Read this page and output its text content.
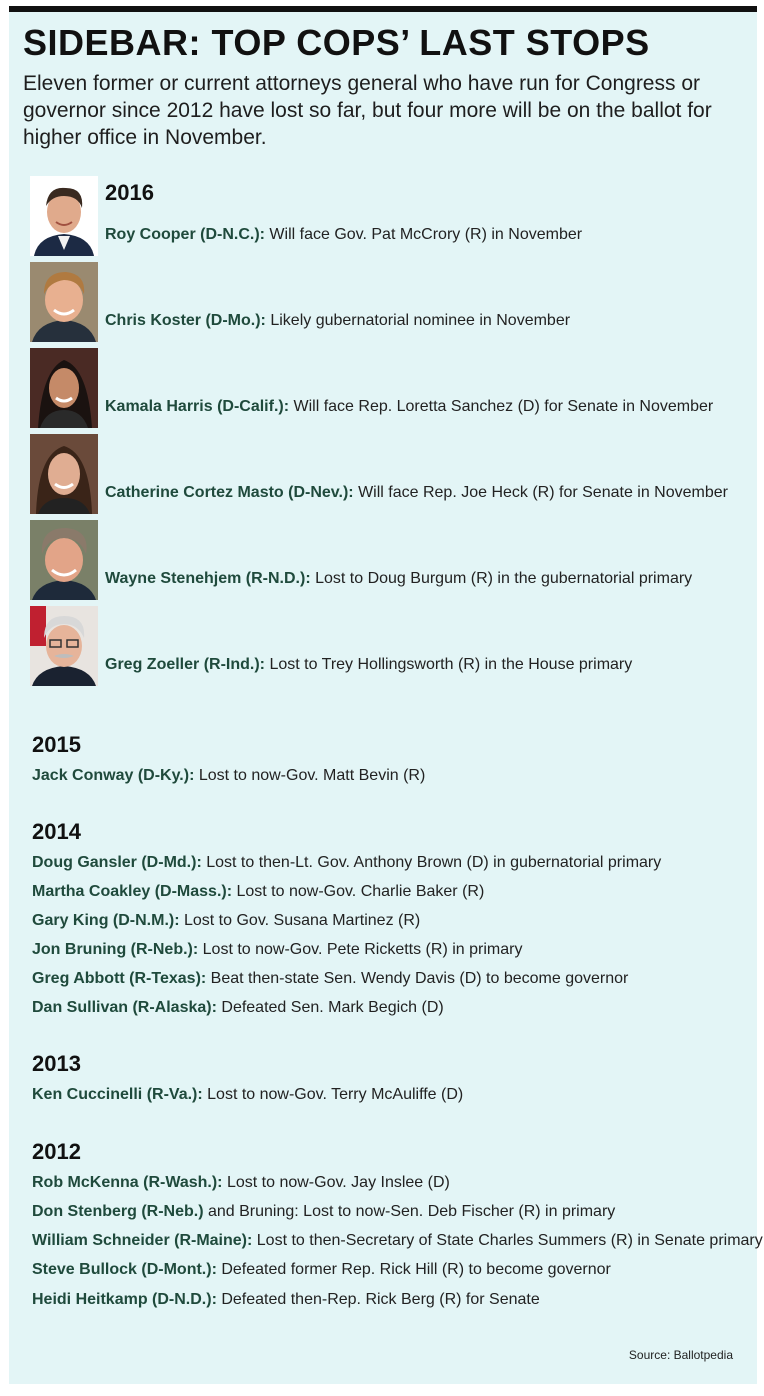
SIDEBAR: TOP COPS’ LAST STOPS

Eleven former or current attorneys general who have run for Congress or governor since 2012 have lost so far, but four more will be on the ballot for higher office in November.

2016
Roy Cooper (D-N.C.): Will face Gov. Pat McCrory (R) in November
Chris Koster (D-Mo.): Likely gubernatorial nominee in November
Kamala Harris (D-Calif.): Will face Rep. Loretta Sanchez (D) for Senate in November
Catherine Cortez Masto (D-Nev.): Will face Rep. Joe Heck (R) for Senate in November
Wayne Stenehjem (R-N.D.): Lost to Doug Burgum (R) in the gubernatorial primary
Greg Zoeller (R-Ind.): Lost to Trey Hollingsworth (R) in the House primary
2015
Jack Conway (D-Ky.): Lost to now-Gov. Matt Bevin (R)
2014
Doug Gansler (D-Md.): Lost to then-Lt. Gov. Anthony Brown (D) in gubernatorial primary
Martha Coakley (D-Mass.): Lost to now-Gov. Charlie Baker (R)
Gary King (D-N.M.): Lost to Gov. Susana Martinez (R)
Jon Bruning (R-Neb.): Lost to now-Gov. Pete Ricketts (R) in primary
Greg Abbott (R-Texas): Beat then-state Sen. Wendy Davis (D) to become governor
Dan Sullivan (R-Alaska): Defeated Sen. Mark Begich (D)
2013
Ken Cuccinelli (R-Va.): Lost to now-Gov. Terry McAuliffe (D)
2012
Rob McKenna (R-Wash.): Lost to now-Gov. Jay Inslee (D)
Don Stenberg (R-Neb.) and Bruning: Lost to now-Sen. Deb Fischer (R) in primary
William Schneider (R-Maine): Lost to then-Secretary of State Charles Summers (R) in Senate primary
Steve Bullock (D-Mont.): Defeated former Rep. Rick Hill (R) to become governor
Heidi Heitkamp (D-N.D.): Defeated then-Rep. Rick Berg (R) for Senate
Source: Ballotpedia
